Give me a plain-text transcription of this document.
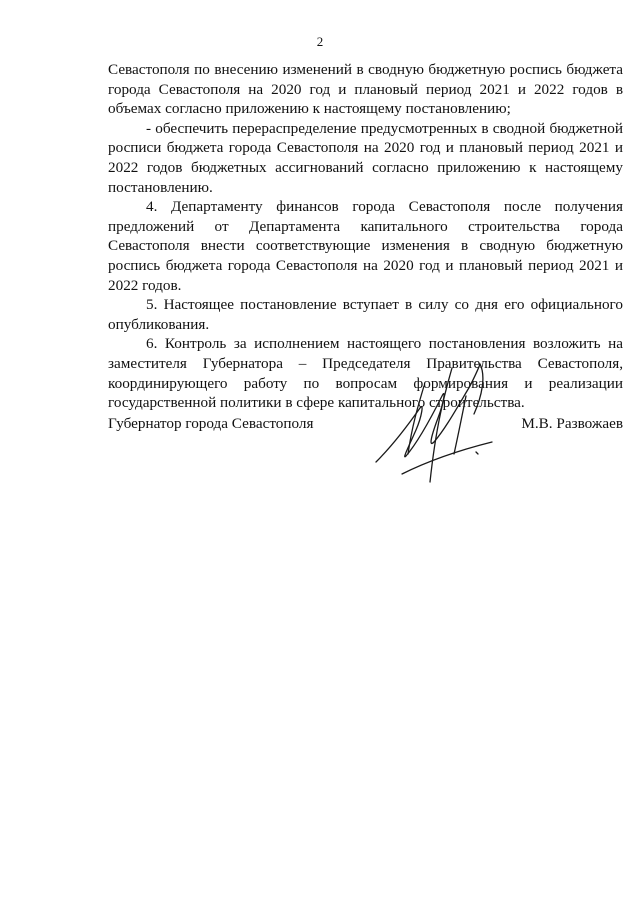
2

Севастополя по внесению изменений в сводную бюджетную роспись бюджета города Севастополя на 2020 год и плановый период 2021 и 2022 годов в объемах согласно приложению к настоящему постановлению;

- обеспечить перераспределение предусмотренных в сводной бюджетной росписи бюджета города Севастополя на 2020 год и плановый период 2021 и 2022 годов бюджетных ассигнований согласно приложению к настоящему постановлению.

4. Департаменту финансов города Севастополя после получения предложений от Департамента капитального строительства города Севастополя внести соответствующие изменения в сводную бюджетную роспись бюджета города Севастополя на 2020 год и плановый период 2021 и 2022 годов.

5. Настоящее постановление вступает в силу со дня его официального опубликования.

6. Контроль за исполнением настоящего постановления возложить на заместителя Губернатора – Председателя Правительства Севастополя, координирующего работу по вопросам формирования и реализации государственной политики в сфере капитального строительства.

Губернатор города Севастополя	М.В. Развожаев
